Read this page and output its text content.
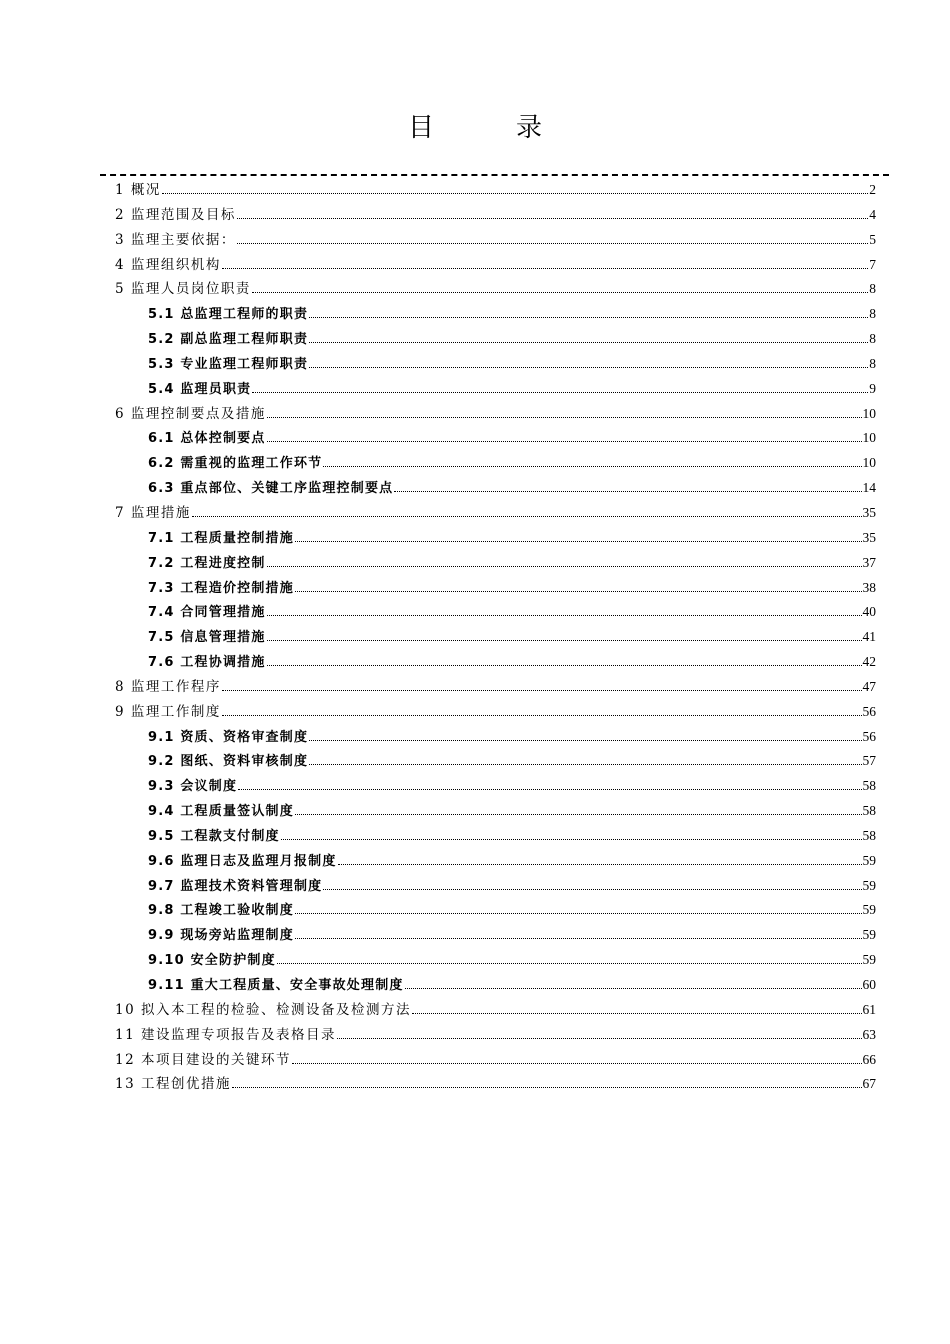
目　录
1 概况	2
2 监理范围及目标	4
3 监理主要依据：	5
4 监理组织机构	7
5 监理人员岗位职责	8
5.1 总监理工程师的职责	8
5.2 副总监理工程师职责	8
5.3 专业监理工程师职责	8
5.4 监理员职责	9
6 监理控制要点及措施	10
6.1 总体控制要点	10
6.2 需重视的监理工作环节	10
6.3 重点部位、关键工序监理控制要点	14
7 监理措施	35
7.1 工程质量控制措施	35
7.2 工程进度控制	37
7.3 工程造价控制措施	38
7.4 合同管理措施	40
7.5 信息管理措施	41
7.6 工程协调措施	42
8 监理工作程序	47
9 监理工作制度	56
9.1 资质、资格审查制度	56
9.2 图纸、资料审核制度	57
9.3 会议制度	58
9.4 工程质量签认制度	58
9.5 工程款支付制度	58
9.6 监理日志及监理月报制度	59
9.7 监理技术资料管理制度	59
9.8 工程竣工验收制度	59
9.9 现场旁站监理制度	59
9.10 安全防护制度	59
9.11 重大工程质量、安全事故处理制度	60
10 拟入本工程的检验、检测设备及检测方法	61
11 建设监理专项报告及表格目录	63
12 本项目建设的关键环节	66
13 工程创优措施	67
